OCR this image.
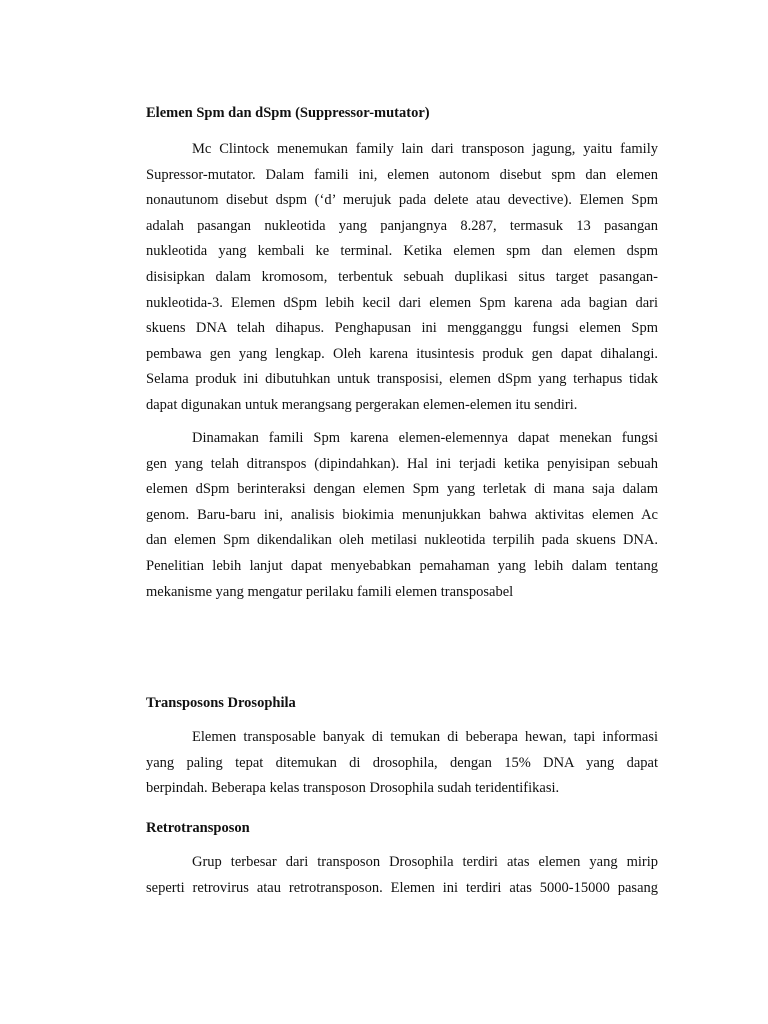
Elemen Spm dan dSpm (Suppressor-mutator)
Mc Clintock menemukan family lain dari transposon jagung, yaitu family
Supressor-mutator. Dalam famili ini, elemen autonom disebut spm dan elemen
nonautunom disebut dspm (‘d’ merujuk pada delete atau devective). Elemen Spm
adalah pasangan nukleotida yang panjangnya 8.287, termasuk 13 pasangan
nukleotida yang kembali ke terminal. Ketika elemen spm dan elemen dspm
disisipkan dalam kromosom, terbentuk sebuah duplikasi situs target pasangan-
nukleotida-3. Elemen dSpm lebih kecil dari elemen Spm karena ada bagian dari
skuens DNA telah dihapus. Penghapusan ini mengganggu fungsi elemen Spm
pembawa gen yang lengkap. Oleh karena itusintesis produk gen dapat dihalangi.
Selama produk ini dibutuhkan untuk transposisi, elemen dSpm yang terhapus tidak
dapat digunakan untuk merangsang pergerakan elemen-elemen itu sendiri.
Dinamakan famili Spm karena elemen-elemennya dapat menekan fungsi
gen yang telah ditranspos (dipindahkan). Hal ini terjadi ketika penyisipan sebuah
elemen dSpm berinteraksi dengan elemen Spm yang terletak di mana saja dalam
genom. Baru-baru ini, analisis biokimia menunjukkan bahwa aktivitas elemen Ac
dan elemen Spm dikendalikan oleh metilasi nukleotida terpilih pada skuens DNA.
Penelitian lebih lanjut dapat menyebabkan pemahaman yang lebih dalam tentang
mekanisme yang mengatur perilaku famili elemen transposabel
Transposons Drosophila
Elemen transposable banyak di temukan di beberapa hewan, tapi informasi
yang paling tepat ditemukan di drosophila, dengan 15% DNA yang dapat
berpindah. Beberapa kelas transposon Drosophila sudah teridentifikasi.
Retrotransposon
Grup terbesar dari transposon Drosophila terdiri atas elemen yang mirip
seperti retrovirus atau retrotransposon. Elemen ini terdiri atas 5000-15000 pasang
